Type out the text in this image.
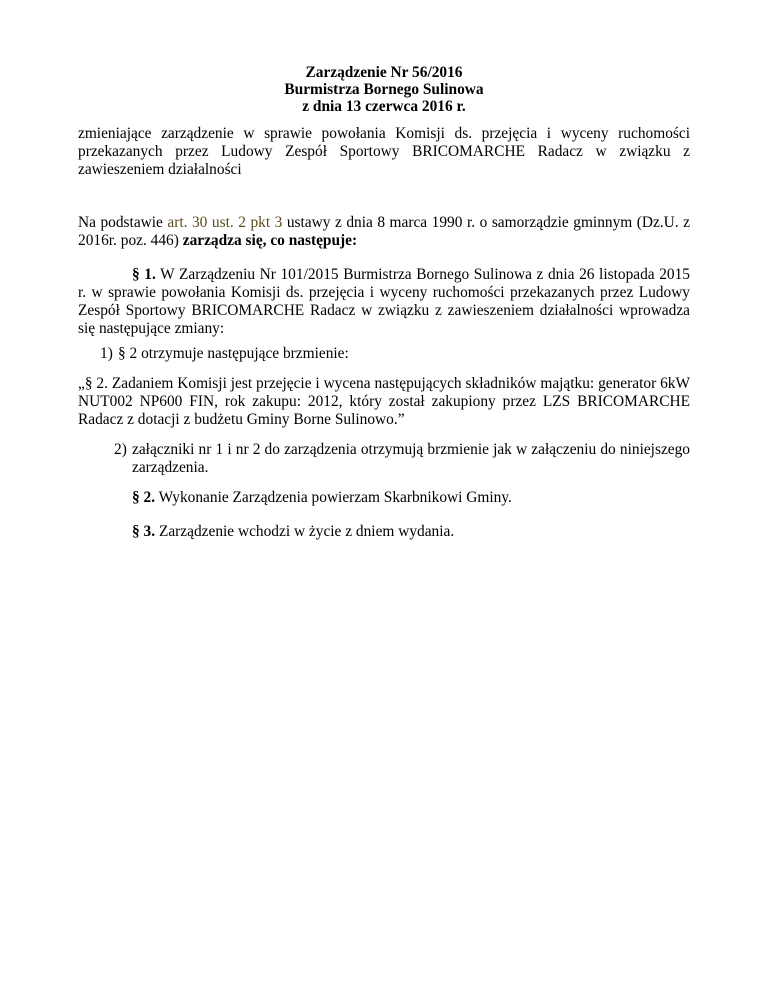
Zarządzenie Nr 56/2016
Burmistrza Bornego Sulinowa
z dnia 13 czerwca 2016 r.
zmieniające zarządzenie w sprawie powołania Komisji ds. przejęcia i wyceny ruchomości przekazanych przez Ludowy Zespół Sportowy BRICOMARCHE Radacz w związku z zawieszeniem działalności
Na podstawie art. 30 ust. 2 pkt 3 ustawy z dnia 8 marca 1990 r. o samorządzie gminnym (Dz.U. z 2016r. poz. 446) zarządza się, co następuje:
§ 1. W Zarządzeniu Nr 101/2015 Burmistrza Bornego Sulinowa z dnia 26 listopada 2015 r. w sprawie powołania Komisji ds. przejęcia i wyceny ruchomości przekazanych przez Ludowy Zespół Sportowy BRICOMARCHE Radacz w związku z zawieszeniem działalności wprowadza się następujące zmiany:
1) § 2 otrzymuje następujące brzmienie:
„§ 2. Zadaniem Komisji jest przejęcie i wycena następujących składników majątku: generator 6kW NUT002 NP600 FIN, rok zakupu: 2012, który został zakupiony przez LZS BRICOMARCHE Radacz z dotacji z budżetu Gminy Borne Sulinowo.”
2) załączniki nr 1 i nr 2 do zarządzenia otrzymują brzmienie jak w załączeniu do niniejszego zarządzenia.
§ 2. Wykonanie Zarządzenia powierzam Skarbnikowi Gminy.
§ 3. Zarządzenie wchodzi w życie z dniem wydania.
